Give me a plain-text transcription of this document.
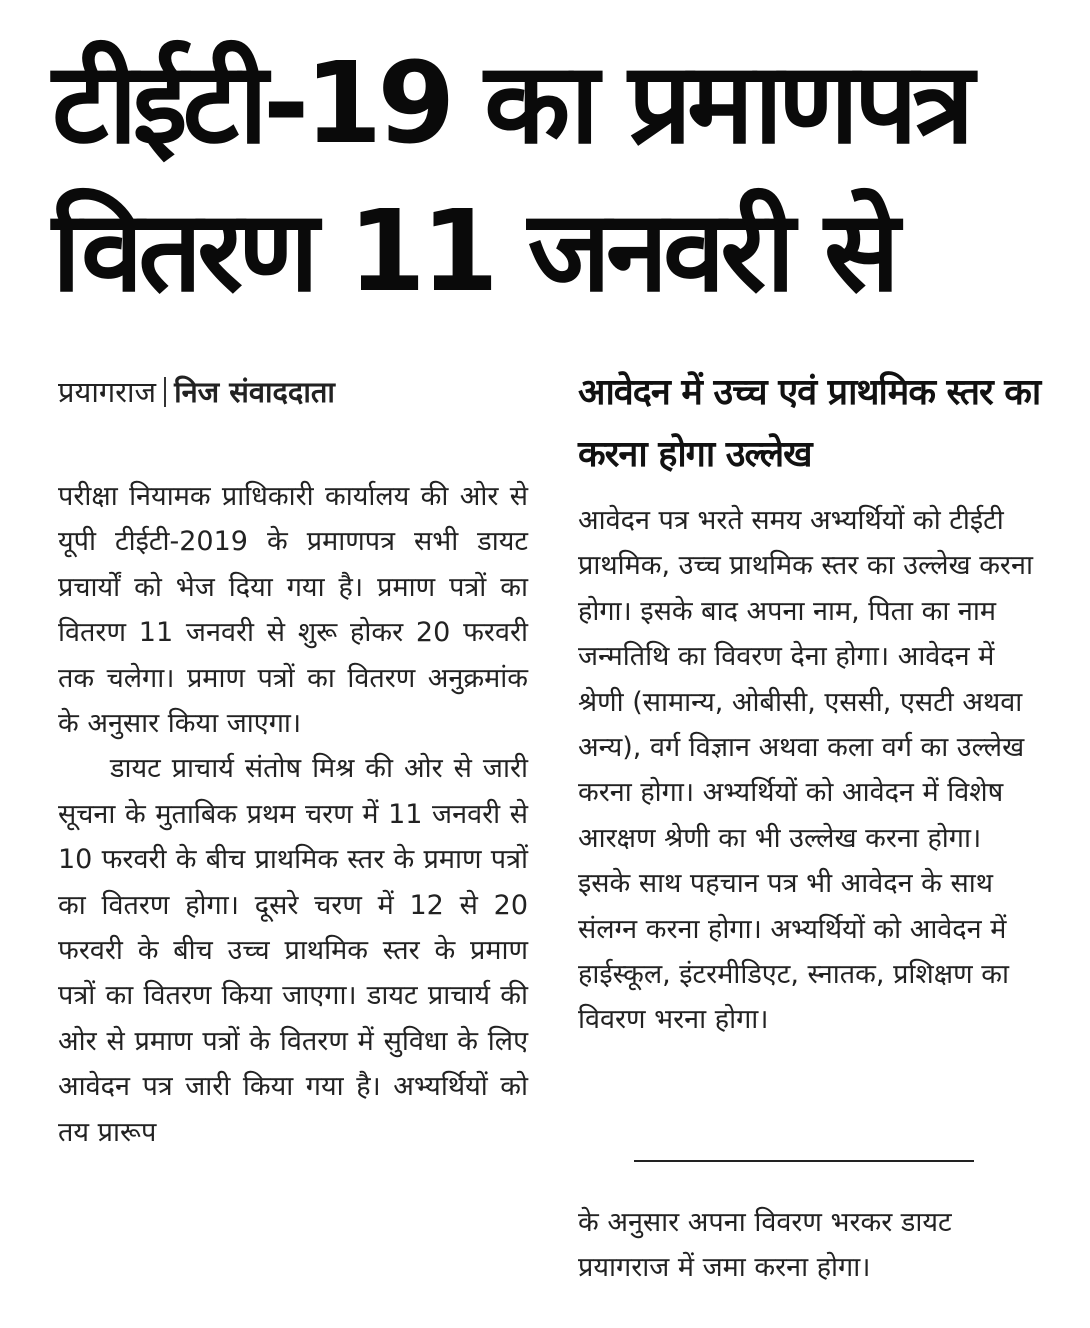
टीईटी-19 का प्रमाणपत्र
वितरण 11 जनवरी से
प्रयागराज निज संवाददाता

परीक्षा नियामक प्राधिकारी कार्यालय की ओर से यूपी टीईटी-2019 के प्रमाणपत्र सभी डायट प्रचार्यों को भेज दिया गया है। प्रमाण पत्रों का वितरण 11 जनवरी से शुरू होकर 20 फरवरी तक चलेगा। प्रमाण पत्रों का वितरण अनुक्रमांक के अनुसार किया जाएगा।

डायट प्राचार्य संतोष मिश्र की ओर से जारी सूचना के मुताबिक प्रथम चरण में 11 जनवरी से 10 फरवरी के बीच प्राथमिक स्तर के प्रमाण पत्रों का वितरण होगा। दूसरे चरण में 12 से 20 फरवरी के बीच उच्च प्राथमिक स्तर के प्रमाण पत्रों का वितरण किया जाएगा। डायट प्राचार्य की ओर से प्रमाण पत्रों के वितरण में सुविधा के लिए आवेदन पत्र जारी किया गया है। अभ्यर्थियों को तय प्रारूप

आवेदन में उच्च एवं प्राथमिक स्तर का करना होगा उल्लेख

आवेदन पत्र भरते समय अभ्यर्थियों को टीईटी प्राथमिक, उच्च प्राथमिक स्तर का उल्लेख करना होगा। इसके बाद अपना नाम, पिता का नाम जन्मतिथि का विवरण देना होगा। आवेदन में श्रेणी (सामान्य, ओबीसी, एससी, एसटी अथवा अन्य), वर्ग विज्ञान अथवा कला वर्ग का उल्लेख करना होगा। अभ्यर्थियों को आवेदन में विशेष आरक्षण श्रेणी का भी उल्लेख करना होगा। इसके साथ पहचान पत्र भी आवेदन के साथ संलग्न करना होगा। अभ्यर्थियों को आवेदन में हाईस्कूल, इंटरमीडिएट, स्नातक, प्रशिक्षण का विवरण भरना होगा।

के अनुसार अपना विवरण भरकर डायट प्रयागराज में जमा करना होगा।
